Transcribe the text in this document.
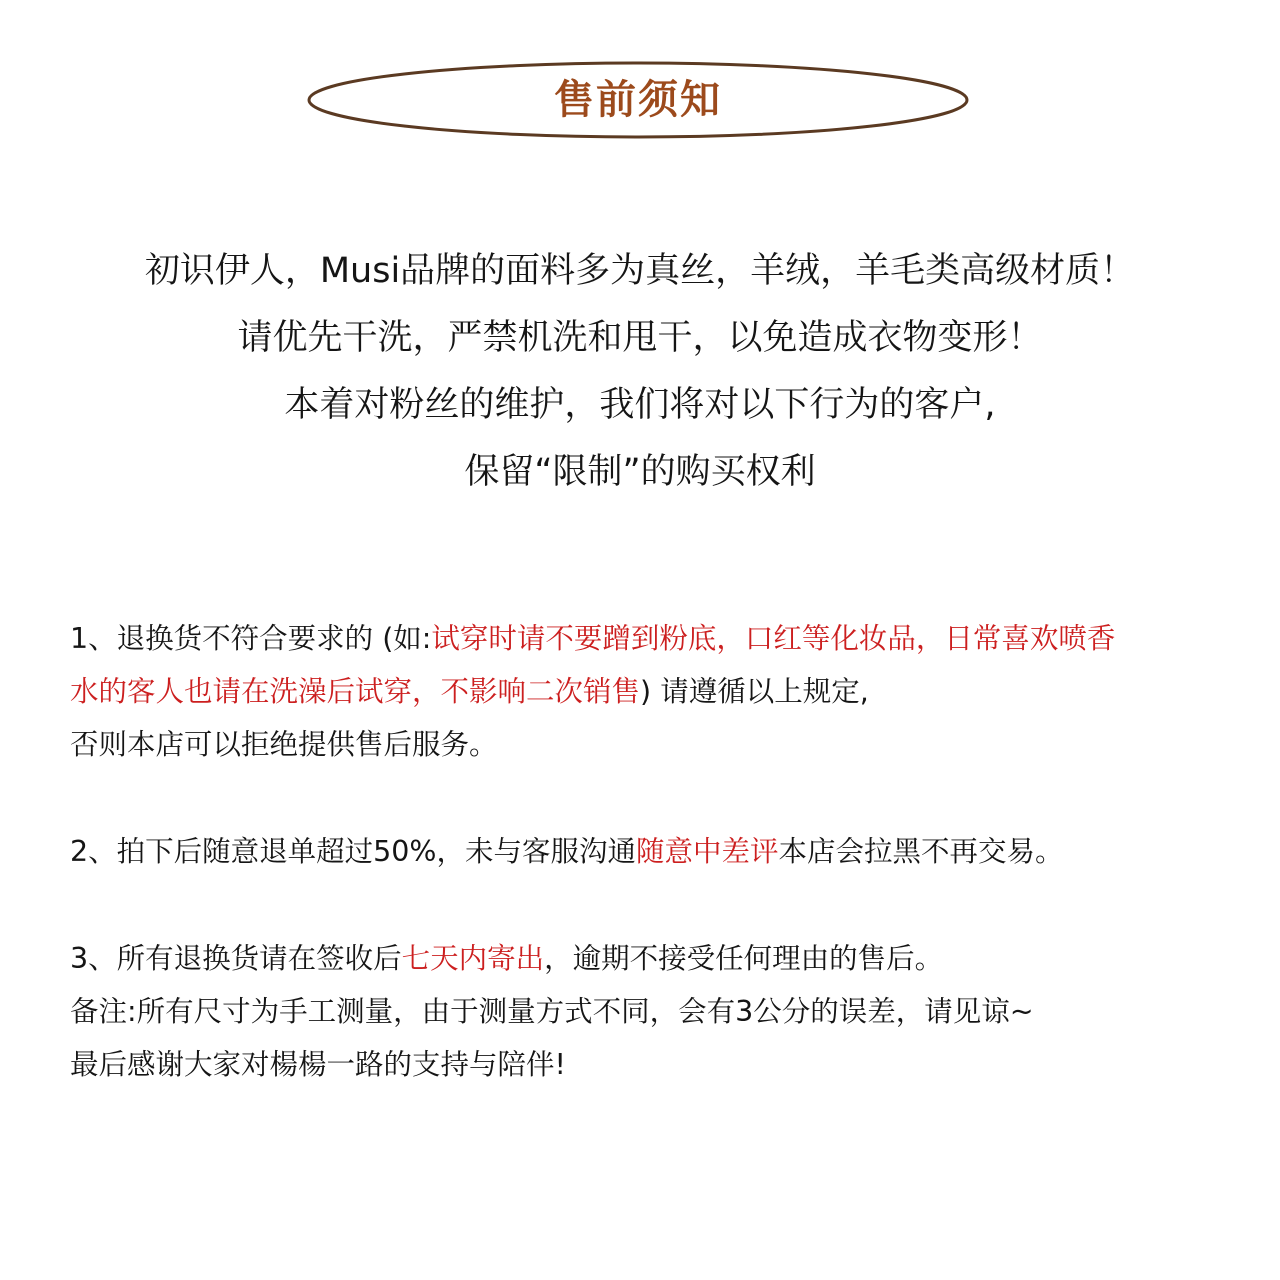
售前须知
初识伊人，Musi品牌的面料多为真丝，羊绒，羊毛类高级材质！
请优先干洗，严禁机洗和甩干，以免造成衣物变形！
本着对粉丝的维护，我们将对以下行为的客户,
保留“限制”的购买权利
1、退换货不符合要求的 (如:试穿时请不要蹭到粉底，口红等化妆品，日常喜欢喷香
水的客人也请在洗澡后试穿，不影响二次销售) 请遵循以上规定,
否则本店可以拒绝提供售后服务。
2、拍下后随意退单超过50%，未与客服沟通随意中差评本店会拉黑不再交易。
3、所有退换货请在签收后七天内寄出，逾期不接受任何理由的售后。
备注:所有尺寸为手工测量，由于测量方式不同，会有3公分的误差，请见谅~
最后感谢大家对楊楊一路的支持与陪伴!
